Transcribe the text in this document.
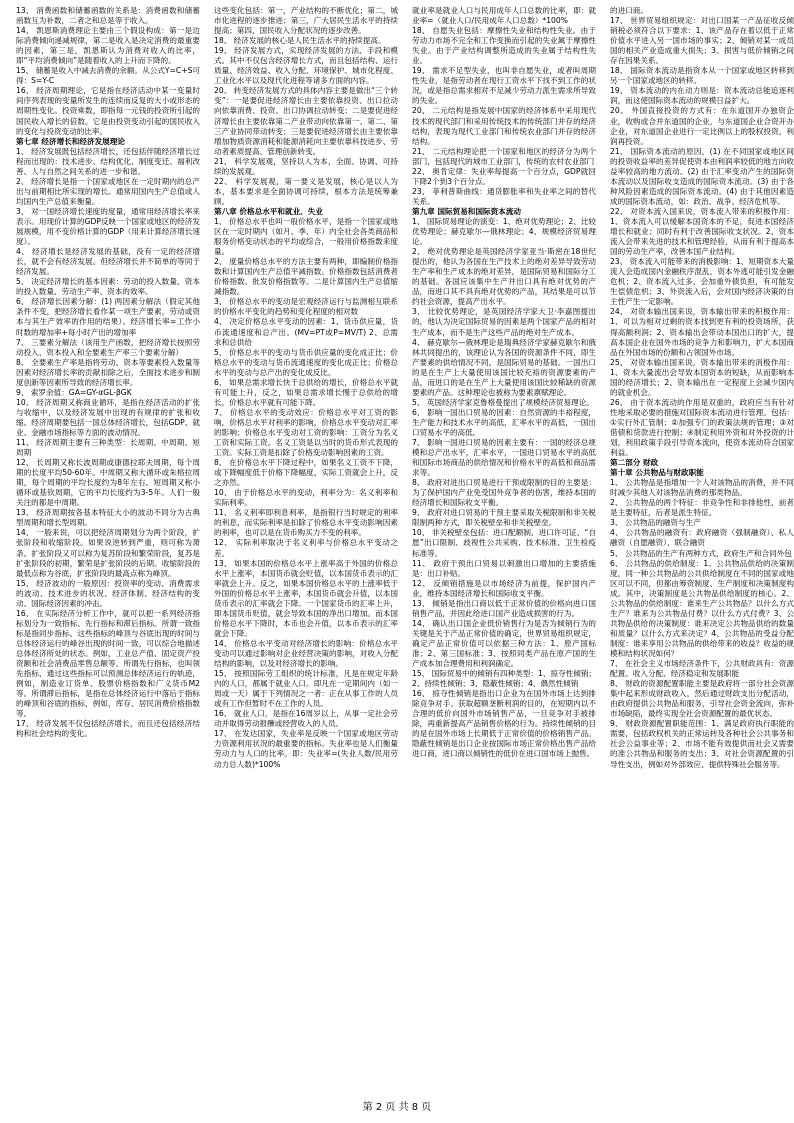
13、 消费函数和储蓄函数的关系是：消费函数和储蓄函数互为补数，二者之和总是等于收入。

14、 凯恩斯消费理论主要由三个假设构成：第一是边际消费倾向递减规律，第二是收入是决定消费的最重要的因素，第三是，凯恩斯认为消费对收入的比率，即“平均消费倾向”是随着收入的上升而下降的。

15、 储蓄是收入中减去消费的余额。从公式Y=C+S可得：S=Y-C

16、 经济周期理论，它是指在经济活动中某一变量时间序列表现的变量所发生的连续而反复的大小或形态的周期性变化。投资乘数，即指每一元钱的投资所引起的国民收入增长的倍数。它是由投资变动引起的国民收入的变化与投资变动的比率。

第七章 经济增长和经济发展理论

1、 经济发展既包括经济增长，还包括伴随经济增长过程而出现的：技术进步、结构优化、制度变迁、福利改善、人与自然之间关系的进一步和谐。

2、 经济增长是指一个国家或地区在一定时期内的总产出与前期相比所实现的增长。通常用国内生产总值或人均国内生产总值来衡量。

3、 对一国经济增长速度的度量，通常用经济增长率来表示。用现价计算的GDP反映一个国家或地区的经济发展规模，用不变价格计算的GDP（用来计算经济增长速度）。

4、 经济增长是经济发展的基础，没有一定的经济增长，就不会有经济发展。但经济增长并不简单的等同于经济发展。

5、 决定经济增长的基本因素：劳动的投入数量、资本的投入数量、劳动生产率、资本的效率。

6、 经济增长因素分解：(1) 两因素分解法（假定其他条件不变，把经济增长看作某一项生产要素，劳动或资本与其生产效率的作用的结果）。经济增长率=工作小时数的增加率+每小时产出的增加率

7、 三要素分解法（该用生产函数，把经济增长按照劳动投入、资本投入和全要素生产率三个要素分解）

8、 全要素生产率是指将劳动、资本等要素投入数量等因素对经济增长率的贡献扣除之后，全面技术进步和制度创新等因素所导致的经济增长率。

9、 索罗余值：GA=GY-αGL-βGK

10、 经济周期又称商业循环，是指在经济活动的扩张与收缩中，以及经济发展中出现的有规律的扩张和收缩。经济周期要包括一国总体经济增长，包括GDP、就业、金融市场指标等方面的波动情况。

11、 经济周期主要有三种类型：长周期、中周期、短周期

12、 长周期又称长波周期或康德拉耶夫周期，每个周期的长度平均50-60年。中周期又称大循环或朱格拉周期，每个周期的平均长度约为8年左右。短周期又称小循环或基钦周期，它的平均长度约为3-5年。人们一般关注的都是中周期。

13、 经济周期按各基本特征大小的波动不同分为古典型周期和增长型周期。

14、 一般来说，可以把经济周期划分为两个阶段，扩张阶段和收缩阶段。如果说逆转到严重，则可称为萧条。扩张阶段又可以称为复苏阶段和繁荣阶段，复苏是扩张阶段的初期，繁荣是扩张阶段的后期。收缩阶段的最低点称为谷底，扩张阶段的最高点称为峰顶。

15、 经济波动的一般原因：投资率的变动、消费需求的波动、技术进步的状况、经济体制、经济结构的变动、国际经济因素的冲击。

16、 在实际经济分析工作中，就可以把一系列经济指标划分为一致指标、先行指标和滞后指标。所谓一致指标是指同步指标，这些指标的峰顶与谷底出现的时间与总体经济运行的峰谷出现的时间一致，可以综合地描述总体经济所处的状态。例如，工业总产值、固定资产投资额和社会消费品零售总额等。所谓先行指标，也叫领先指标，通过这些指标可以预测总体经济运行的轨迹，例如，制造业订货单、股票价格指数和广义货币M2等。所谓滞后指标，是指在总体经济运行中落后于指标的峰顶和谷底的指标，例如，库存、居民消费价格指数等。

17、 经济发展不仅包括经济增长，而且还包括经济结构和社会结构的变化。

这些变化包括：第一，产业结构的不断优化；第二，城市化进程的逐步推进；第三，广大居民生活水平的持续提高；第四，国民收入分配状况的逐步改善。

18、 经济发展的核心是人民生活水平的持续提高。

19、 经济发展方式，实现经济发展的方法、手段和模式。其中不仅包含经济增长方式，而且包括结构、运行质量、经济效益、收入分配、环境保护、城市化程度、工业化水平以及现代化进程等诸多方面的内容。

20、 转变经济发展方式的具体内容主要是做出“三个转变”：一是要促进经济增长由主要依靠投资、出口拉动向依靠消费、投资、出口协调拉动转变；二是要促进经济增长由主要依靠第二产业带动向依靠第一、第二、第三产业协同带动转变；三是要促进经济增长由主要依靠增加物质资源消耗和能源消耗向主要依靠科技进步、劳动者素质提高、管理创新转变。

21、 科学发展观，坚持以人为本，全面、协调、可持续的发展观。

22、 科学发展观，第一要义是发展，核心是以人为本，基本要求是全面协调可持续，根本方法是统筹兼顾。

第八章 价格总水平和就业、失业

1、 价格总水平也叫一般价格水平，是指一个国家或地区在一定时期内（如月、季、年）内全社会各类商品和服务价格变动状态的平均或综合，一般用价格指数来度量。

2、 度量价格总水平的方法主要有两种，即编制价格指数和计算国内生产总值平减指数。价格指数包括消费者价格指数、批发价格指数等。二是计算国内生产总值缩减指数。

3、 价格总水平的变动是宏观经济运行与监测相互联系的价格水平变化的趋势和变化程度的相对数

4、 决定价格总水平变动的因素：1、货币供应量，货币流通速度和总产出。(MV=PT或P=MV/T) 2、总需求和总供给

5、 价格总水平的变动与货币供应量的变化成正比；价格总水平的变动与货币流通速度的变化成正比；价格总水平的变动与总产出的变化成反比。

6、 如果总需求增长快于总供给的增长，价格总水平就有可能上升，反之，如果总需求增长慢于总供给的增长，价格总水平就有可能下降。

7、 价格总水平的变动效应：价格总水平对工资的影响，价格总水平对利率的影响，价格总水平变动对汇率的影响；价格总水平变动对工资的影响：工资分为名义工资和实际工资。名义工资是以当时的货币形式表现的工资。实际工资是扣除了价格变动影响因素的工资。

8、 在价格总水平下降过程中，如果名义工资不下降，或下降幅度低于价格下降幅度，实际工资就会上升，反之亦然。

10、 由于价格总水平的变动，利率分为：名义利率和实际利率。

11、 名义利率即利息利率，是指银行当时规定的利率的利息，而实际利率是扣除了价格总水平变动影响因素的利率，也可以是在货币购买力不变的利率。

12、 实际利率取决于名义利率与价格总水平变动之差。

13、 如果本国的价格总水平上涨率高于外国的价格总水平上涨率，本国货币就会贬值，以本国货币表示的汇率就会上升。反之，如果本国价格总水平的上涨率低于外国的价格总水平上涨率，本国货币就会升值，以本国货币表示的汇率就会下降。一个国家货币的汇率上升，即本国货币贬值，就会导致本国的净出口增加。而本国价格总水平下降时，本币也会升值，以本币表示的汇率就会下降。

14、 价格总水平变动对经济增长的影响：价格总水平变动可以通过影响对企业经营决策的影响，对收入分配结构的影响，以及对经济增长的影响。

15、 按照国际劳工组织的统计标准，凡是在规定年龄内的人口，都属于就业人口。即凡在一定期间内（如一周或一天）属于下列情况之一者：正在从事工作的人员或有工作但暂时不在工作的人员。

16、 就业人口，是指在16周岁以上，从事一定社会劳动并取得劳动报酬或经营收入的人员。

17、 在发达国家，失业率是反映一个国家或地区劳动力资源利用状况的最重要的指标。失业率也是人们衡量劳动力与人口的比率。即：失业率=(失业人数/民用劳动力总人数)*100%

就业率是就业人口与民用成年人口总数的比率，即：就业率=（就业人口/民用成年人口总数）*100%

18、 自愿失业包括：摩擦性失业和结构性失业。由于劳动力市场不完全和工作变换而引起的失业属于摩擦性失业。由于产业结构调整所造成的失业属于结构性失业。

19、 需求不足型失业，也叫非自愿失业，或者叫周期性失业，是指劳动者在现行工资水平下找不到工作的状况，或是指总需求相对不足减少劳动力派生需求所导致的失业。

20、 二元结构是指发展中国家的经济体系中采用现代技术的现代部门和采用传统技术的传统部门并存的经济结构，表现为现代工业部门和传统农业部门并存的经济结构。

21、 二元结构理论把一个国家和地区的经济分为两个部门，包括现代的城市工业部门，传统的农村农业部门

22、 奥肯定律：失业率每提高一个百分点，GDP就回下降2个到3个百分点。

23、 菲利普斯曲线：通货膨胀率和失业率之间的替代关系。

第九章 国际贸易和国际资本流动

1、 国际贸易理论的演变：1、绝对优势理论；2、比较优势理论；赫克歇尔—俄林理论；4、规模经济贸易理论。

2、 绝对优势理论是英国经济学家亚当·斯密在18世纪提出的，他认为各国在生产技术上的绝对差异导致劳动生产率和生产成本的绝对差异，是国际贸易和国际分工的基础。各国应该集中生产并出口具有绝对优势的产品，而进口其不具有绝对优势的产品，其结果是可以节约社会资源，提高产出水平。

3、 比较优势理论，是英国经济学家大卫·李嘉图提出的，他认为决定国际贸易的因素是两个国家产品的相对生产成本，而不是生产这些产品的绝对生产成本。

4、 赫克歇尔—俄林理论是瑞典经济学家赫克歇尔和俄林共同提出的，该理论认为各国的资源条件不同，即生产要素的供给情况不同，是国际贸易的基础。一国出口的是在生产上大量使用该国比较充裕的资源要素的产品，而进口的是在生产上大量使用该国比较稀缺的资源要素的产品。这种理论也被称为要素禀赋理论。

5、 英国经济学家克鲁格曼提出了规模经济贸易理论。

6、 影响一国出口贸易的因素：自然资源的丰裕程度，生产能力和技术水平的高低，汇率水平的高低，一国出口贸易水平的高低。

7、 影响一国进口贸易的因素主要有：一国的经济总规模和总产出水平，汇率水平，一国进口贸易水平的高低和国际市场商品的供给情况和价格水平的高低和商品需求等。

8、 政府对进出口贸易进行干预或限制的目的主要是：为了保护国内产业免受国外竞争者的伤害，维持本国的经济增长和国际收支平衡。

9、 政府对进口贸易的干预主要采取关税限制和非关税限制两种方式，即关税壁垒和非关税壁垒。

10、 非关税壁垒包括：进口配额制、进口许可证、“自愿”出口限制、歧视性公共采购、技术标准、卫生检疫标准等。

11、 政府干预出口贸易以刺激出口增加的主要措施是：出口补贴。

12、 反倾销措施是以市场经济为前提，保护国内产业，维持本国经济增长和国际收支平衡。

13、 倾销是指出口商以低于正常价值的价格向进口国销售产品，并因此给进口国产业造成损害的行为。

14、 确认出口国企业低价销售行为是否为倾销行为的关键是关于产品正常价值的确定，世界贸易组织规定，确定产品正常价值可以依据三种方法：1、原产国标准；2、第三国标准；3、按照同类产品在原产国的生产成本加合理费用和利润确定。

15、 国际贸易中的倾销有四种类型：1、掠夺性倾销；2、持续性倾销；3、隐蔽性倾销；4、偶然性倾销

16、 掠夺性倾销是指出口企业为在国外市场上达到排除竞争对手、获取超额垄断利润的目的，在短期内以不合理的低价向国外市场销售产品，一旦竞争对手被排除，再重新提高产品销售价格的行为。持续性倾销的目的是在国外市场上长期低于正常价值的价格销售产品。隐蔽性倾销是出口企业按国际市场正常价格出售产品给进口商，进口商以倾销性的低价在进口国市场上抛售。

的进口商。

17、 世界贸易组织规定：对出口国某一产品征收反倾销税必须符合以下要求：1、该产品存在着以低于正常价值水平进入另一国市场的事实；2、倾销对某一成员国的相关产业造成重大损失；3、损害与低价倾销之间存在因果关系。

18、 国际资本流动是指资本从一个国家或地区转移到另一个国家或地区的转移。

19、 资本流动的内在动力则是：资本流动总能追逐利润，而这使国际资本流动的规模日益扩大。

20、 外国直接投资的方式有：在东道国开办独资企业，收购或合并东道国的企业，与东道国企业合资开办企业，对东道国企业进行一定比例以上的股权投资，利润再投资。

21、 国际资本流动的原因，(1) 在不同国家或地区间的投资收益率的差异促使资本由利润率较低的地方向收益率较高的地方流动。(2) 由于汇率变动产生的国际资本流动以及国际收支造成的国际资本流动。(3) 由于各种风险因素造成的国际资本流动。(4) 由于其他因素造成的国际资本流动，如：政治、战争、经济危机等。

22、 对资本流入国来说，资本流入带来的积极作用：1、资本流入可以缓解本国资本的不足，促进本国经济增长和就业；同时有利于改善国际收支状况。2、资本流入会带来先进的技术和管理经验，从而有利于提高本国的劳动生产率，改善本国产业结构。

23、 资本流入可能带来的消极影响：1、短期资本大量流入会造成国内金融秩序混乱，资本外逃可能引发金融危机；2、资本流入过多，会加重外债负担，有可能发生偿债危机；3、外资流入后，会对国内经济决策的自主性产生一定影响。

24、 对资本输出国来说，资本输出带来的积极作用：1、可以为相对过剩的资本找到更有利的投资场所，获得高额利润；2、资本输出会带动本国出口的扩大，提高本国企业在国外市场的竞争力和影响力，扩大本国商品在外国市场的份额和占领国外市场。

25、 对资本输出国来说，资本输出带来的消极作用：1、资本大量流出会导致本国资本的短缺，从而影响本国的经济增长；2、资本输出在一定程度上会减少国内的就业机会。

26、 由于资本流动的作用是双重的，政府应当有针对性地采取必要的措施对国际资本流动进行管理。包括：①实行外汇管制；②加强专门的政策法规的管理；③对借债和贷款进行控制；④制定利用外资和对外投资的计划，利用政策手段引导资本流向，使资本流动符合国家利益。

第二部分 财政

第十章 公共物品与财政职能

1、 公共物品是指增加一个人对该物品的消费，并不同时减少其他人对该物品消费的那类物品。

2、 公共物品的两个特征：非竞争性和非排他性，前者是主要特征，后者是派生特征。

3、 公共物品的融资与生产

4、 公共物品的融资有：政府融资（强制融资）、私人融资（自愿融资）、联合融资

5、 公共物品的生产有两种方式，政府生产和合同外包

6、 公共物品的供给制度：1、公共物品供给的决策制度，同一种公共物品的公共供给制度在不同的国家或地区可以不同，但都由筹资制度、生产制度和决策制度构成。其中，决策制度是公共物品供给制度的核心。2、公共物品的供给制度：谁来生产公共物品？以什么方式生产？谁来为公共物品付费？以什么方式付费？3、公共物品供给的决策制度：谁来决定公共物品供给的数量和质量？以什么方式来决定？4、公共物品的受益分配制度：谁来享用公共物品的供给带来的收益？收益的规模和结构状况如何？

7、 在社会主义市场经济条件下，公共财政具有：资源配置、收入分配、经济稳定和发展职能

8、 财政的资源配置职能主要是政府将一部分社会资源集中起来形成财政收入，然后通过财政支出分配活动，由政府提供公共物品和服务，引导社会资金流向，弥补市场缺陷，最终实现全社会资源配置的最优状态。

9、 财政资源配置职能范围：1、满足政府执行职能的需要，包括政权机关的正常运转及各种社会公共事务和社会公益事业等；2、市场不能有效提供而社会又需要的准公共物品和服务的支出；3、对社会资源配置的引导性支出，例如对外部效应、提供特殊社会服务等。

第 2 页 共 8 页
